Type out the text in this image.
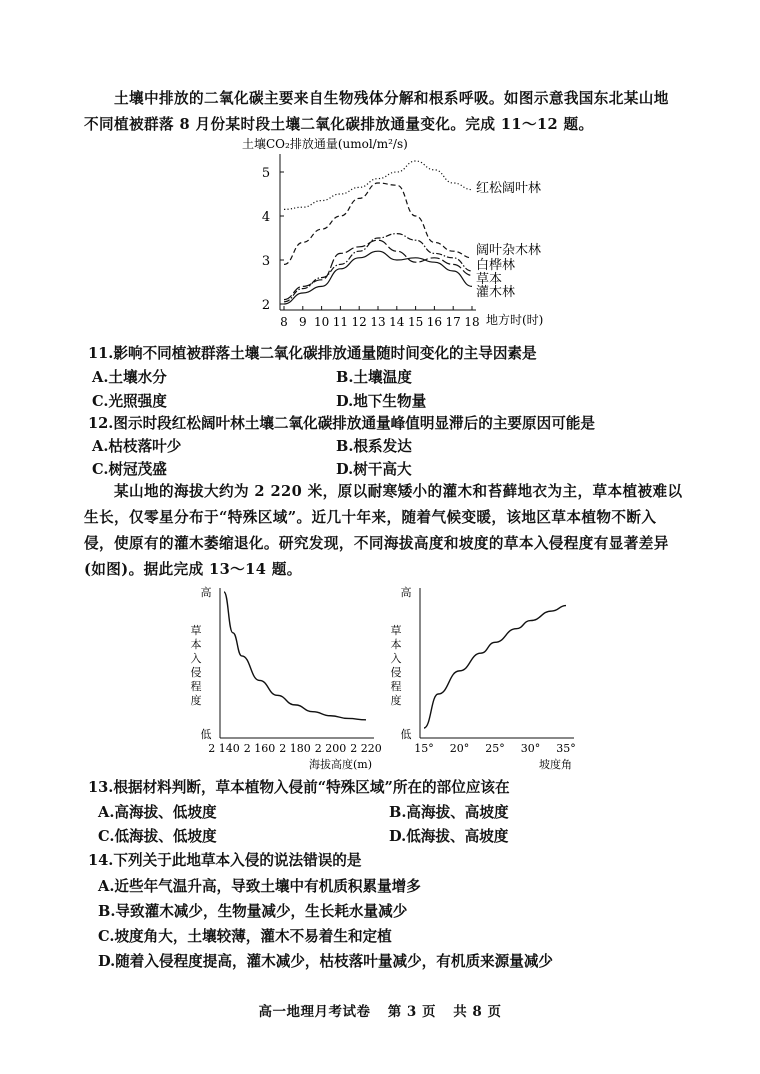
土壤中排放的二氧化碳主要来自生物残体分解和根系呼吸。如图示意我国东北某山地
不同植被群落 8 月份某时段土壤二氧化碳排放通量变化。完成 11～12 题。
土壤CO₂排放通量(umol/m²/s)
地方时(时)
2
3
4
5
8 9 10 11 12 13 14 15 16 17 18
红松阔叶林
阔叶杂木林
白桦林
草本
灌木林
11.影响不同植被群落土壤二氧化碳排放通量随时间变化的主导因素是
A.土壤水分	B.土壤温度
C.光照强度	D.地下生物量
12.图示时段红松阔叶林土壤二氧化碳排放通量峰值明显滞后的主要原因可能是
A.枯枝落叶少	B.根系发达
C.树冠茂盛	D.树干高大
某山地的海拔大约为 2 220 米，原以耐寒矮小的灌木和苔藓地衣为主，草本植被难以
生长，仅零星分布于“特殊区域”。近几十年来，随着气候变暖，该地区草本植物不断入
侵，使原有的灌木萎缩退化。研究发现，不同海拔高度和坡度的草本入侵程度有显著差异
(如图)。据此完成 13～14 题。
高
低
草
本
入
侵
程
度
2 140 2 160 2 180 2 200 2 220
海拔高度(m)
高
低
草
本
入
侵
程
度
15° 20° 25° 30° 35°
坡度角
13.根据材料判断，草本植物入侵前“特殊区域”所在的部位应该在
A.高海拔、低坡度	B.高海拔、高坡度
C.低海拔、低坡度	D.低海拔、高坡度
14.下列关于此地草本入侵的说法错误的是
A.近些年气温升高，导致土壤中有机质积累量增多
B.导致灌木减少，生物量减少，生长耗水量减少
C.坡度角大，土壤较薄，灌木不易着生和定植
D.随着入侵程度提高，灌木减少，枯枝落叶量减少，有机质来源量减少
高一地理月考试卷 第 3 页 共 8 页
